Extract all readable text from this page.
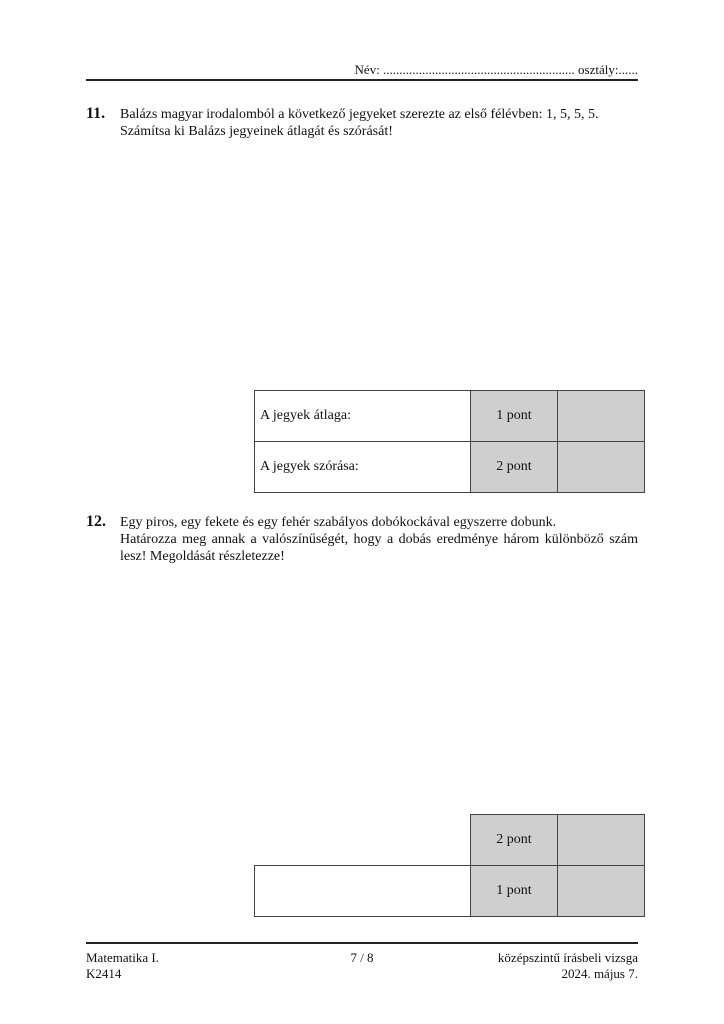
Név: ........................................................... osztály:......
11. Balázs magyar irodalomból a következő jegyeket szerezte az első félévben: 1, 5, 5, 5.

Számítsa ki Balázs jegyeinek átlagát és szórását!

A jegyek átlaga:	1 pont	
A jegyek szórása:	2 pont	
12. Egy piros, egy fekete és egy fehér szabályos dobókockával egyszerre dobunk.

Határozza meg annak a valószínűségét, hogy a dobás eredménye három különböző szám lesz! Megoldását részletezze!

	2 pont	
	1 pont	
Matematika I.
K2414
7 / 8	középszintű írásbeli vizsga
2024. május 7.
